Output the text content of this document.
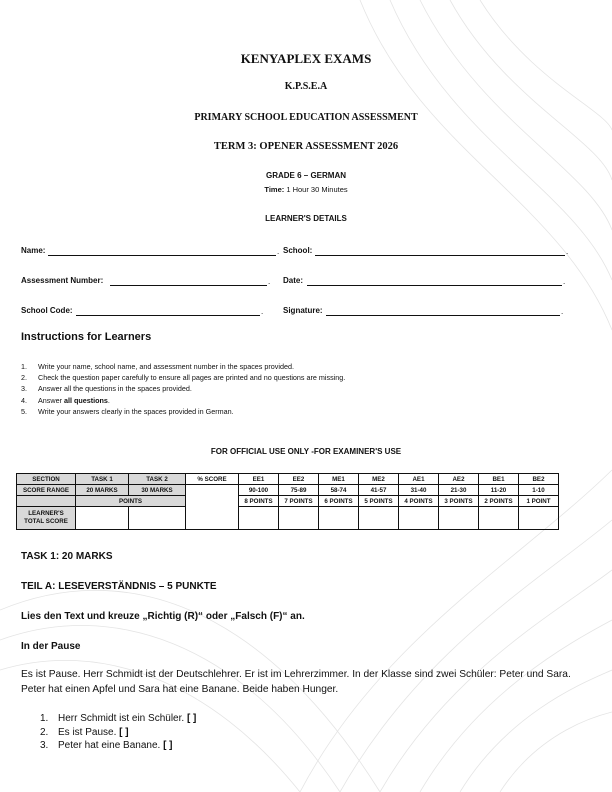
KENYAPLEX EXAMS
K.P.S.E.A
PRIMARY SCHOOL EDUCATION ASSESSMENT
TERM 3: OPENER ASSESSMENT 2026
GRADE 6 – GERMAN
Time: 1 Hour 30 Minutes
LEARNER'S DETAILS
Name:	. School:	.
Assessment Number:	. Date:	.
School Code:	. Signature:	.
Instructions for Learners
1.	Write your name, school name, and assessment number in the spaces provided.
2.	Check the question paper carefully to ensure all pages are printed and no questions are missing.
3.	Answer all the questions in the spaces provided.
4.	Answer all questions.
5.	Write your answers clearly in the spaces provided in German.
FOR OFFICIAL USE ONLY -FOR EXAMINER'S USE
SECTION	TASK 1	TASK 2	% SCORE	EE1	EE2	ME1	ME2	AE1	AE2	BE1	BE2
SCORE RANGE	20 MARKS	30 MARKS		90-100	75-89	58-74	41-57	31-40	21-30	11-20	1-10
	POINTS			8 POINTS	7 POINTS	6 POINTS	5 POINTS	4 POINTS	3 POINTS	2 POINTS	1 POINT
LEARNER'S
TOTAL SCORE											
TASK 1: 20 MARKS
TEIL A: LESEVERSTÄNDNIS – 5 PUNKTE
Lies den Text und kreuze „Richtig (R)“ oder „Falsch (F)“ an.
In der Pause

Es ist Pause. Herr Schmidt ist der Deutschlehrer. Er ist im Lehrerzimmer. In der Klasse sind zwei Schüler: Peter und Sara. Peter hat einen Apfel und Sara hat eine Banane. Beide haben Hunger.

1. Herr Schmidt ist ein Schüler. [ ]
2. Es ist Pause. [ ]
3. Peter hat eine Banane. [ ]
